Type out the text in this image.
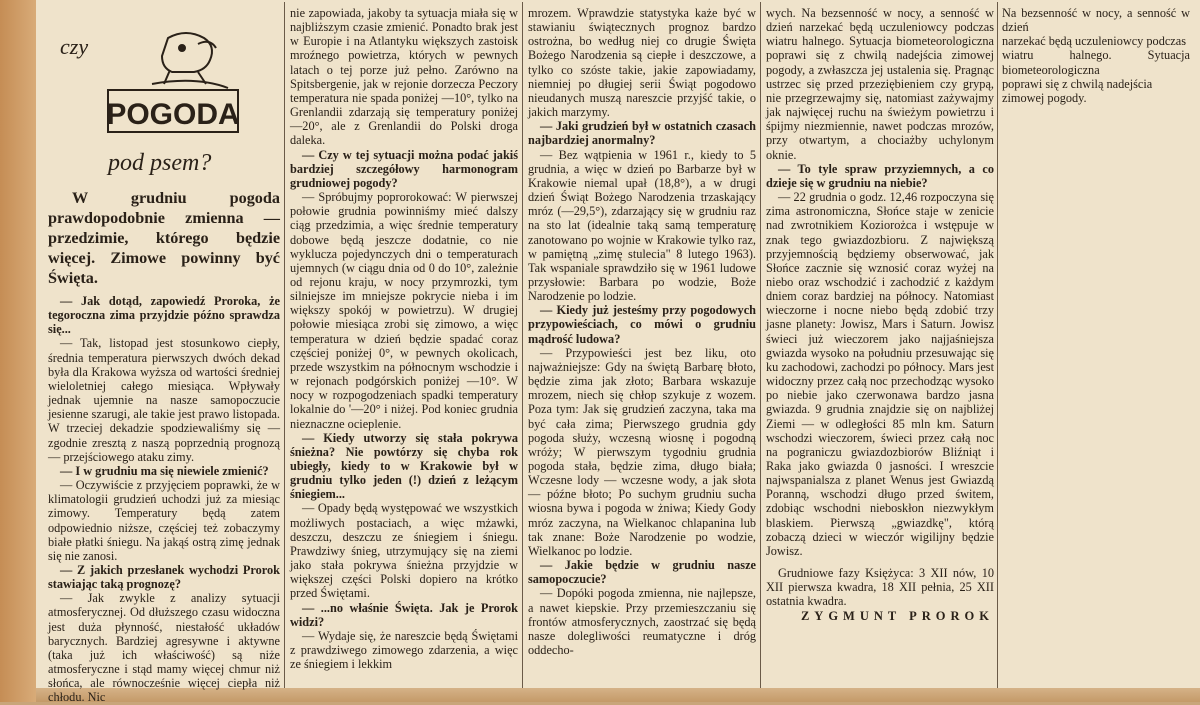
czy
POGODA
pod psem?

W grudniu pogoda prawdopodobnie zmienna — przedzimie, którego będzie więcej. Zimowe powinny być Święta.

— Jak dotąd, zapowiedź Proroka, że tegoroczna zima przyjdzie późno sprawdza się...

— Tak, listopad jest stosunkowo ciepły, średnia temperatura pierwszych dwóch dekad była dla Krakowa wyższa od wartości średniej wieloletniej całego miesiąca. Wpływały jednak ujemnie na nasze samopoczucie jesienne szarugi, ale takie jest prawo listopada. W trzeciej dekadzie spodziewaliśmy się — zgodnie zresztą z naszą poprzednią prognozą — przejściowego ataku zimy.

— I w grudniu ma się niewiele zmienić?

— Oczywiście z przyjęciem poprawki, że w klimatologii grudzień uchodzi już za miesiąc zimowy. Temperatury będą zatem odpowiednio niższe, częściej też zobaczymy białe płatki śniegu. Na jakąś ostrą zimę jednak się nie zanosi.

— Z jakich przesłanek wychodzi Prorok stawiając taką prognozę?

— Jak zwykle z analizy sytuacji atmosferycznej. Od dłuższego czasu widoczna jest duża płynność, niestałość układów barycznych. Bardziej agresywne i aktywne (taka już ich właściwość) są niże atmosferyczne i stąd mamy więcej chmur niż słońca, ale równocześnie więcej ciepła niż chłodu. Nic

nie zapowiada, jakoby ta sytuacja miała się w najbliższym czasie zmienić. Ponadto brak jest w Europie i na Atlantyku większych zastoisk mroźnego powietrza, których w pewnych latach o tej porze już pełno. Zarówno na Spitsbergenie, jak w rejonie dorzecza Peczory temperatura nie spada poniżej —10°, tylko na Grenlandii zdarzają się temperatury poniżej —20°, ale z Grenlandii do Polski droga daleka.

— Czy w tej sytuacji można podać jakiś bardziej szczegółowy harmonogram grudniowej pogody?

— Spróbujmy poprorokować: W pierwszej połowie grudnia powinniśmy mieć dalszy ciąg przedzimia, a więc średnie temperatury dobowe będą jeszcze dodatnie, co nie wyklucza pojedynczych dni o temperaturach ujemnych (w ciągu dnia od 0 do 10°, zależnie od rejonu kraju, w nocy przymrozki, tym silniejsze im mniejsze pokrycie nieba i im większy spokój w powietrzu). W drugiej połowie miesiąca zrobi się zimowo, a więc temperatura w dzień będzie spadać coraz częściej poniżej 0°, w pewnych okolicach, przede wszystkim na północnym wschodzie i w rejonach podgórskich poniżej —10°. W nocy w rozpogodzeniach spadki temperatury lokalnie do '—20° i niżej. Pod koniec grudnia nieznaczne ocieplenie.

— Kiedy utworzy się stała pokrywa śnieżna? Nie powtórzy się chyba rok ubiegły, kiedy to w Krakowie był w grudniu tylko jeden (!) dzień z leżącym śniegiem...

— Opady będą występować we wszystkich możliwych postaciach, a więc mżawki, deszczu, deszczu ze śniegiem i śniegu. Prawdziwy śnieg, utrzymujący się na ziemi jako stała pokrywa śnieżna przyjdzie w większej części Polski dopiero na krótko przed Świętami.

— ...no właśnie Święta. Jak je Prorok widzi?

— Wydaje się, że nareszcie będą Świętami z prawdziwego zimowego zdarzenia, a więc ze śniegiem i lekkim

mrozem. Wprawdzie statystyka każe być w stawianiu świątecznych prognoz bardzo ostrożna, bo według niej co drugie Święta Bożego Narodzenia są ciepłe i deszczowe, a tylko co szóste takie, jakie zapowiadamy, niemniej po długiej serii Świąt pogodowo nieudanych muszą nareszcie przyjść takie, o jakich marzymy.

— Jaki grudzień był w ostatnich czasach najbardziej anormalny?

— Bez wątpienia w 1961 r., kiedy to 5 grudnia, a więc w dzień po Barbarze był w Krakowie niemal upał (18,8°), a w drugi dzień Świąt Bożego Narodzenia trzaskający mróz (—29,5°), zdarzający się w grudniu raz na sto lat (idealnie taką samą temperaturę zanotowano po wojnie w Krakowie tylko raz, w pamiętną „zimę stulecia" 8 lutego 1963). Tak wspaniale sprawdziło się w 1961 ludowe przysłowie: Barbara po wodzie, Boże Narodzenie po lodzie.

— Kiedy już jesteśmy przy pogodowych przypowieściach, co mówi o grudniu mądrość ludowa?

— Przypowieści jest bez liku, oto najważniejsze: Gdy na świętą Barbarę błoto, będzie zima jak złoto; Barbara wskazuje mrozem, niech się chłop szykuje z wozem. Poza tym: Jak się grudzień zaczyna, taka ma być cała zima; Pierwszego grudnia gdy pogoda służy, wczesną wiosnę i pogodną wróży; W pierwszym tygodniu grudnia pogoda stała, będzie zima, długo biała; Wczesne lody — wczesne wody, a jak słota — późne błoto; Po suchym grudniu sucha wiosna bywa i pogoda w żniwa; Kiedy Gody mróz zaczyna, na Wielkanoc chlapanina lub tak znane: Boże Narodzenie po wodzie, Wielkanoc po lodzie.

— Jakie będzie w grudniu nasze samopoczucie?

— Dopóki pogoda zmienna, nie najlepsze, a nawet kiepskie. Przy przemieszczaniu się frontów atmosferycznych, zaostrzać się będą nasze dolegliwości reumatyczne i dróg oddecho-

wych. Na bezsenność w nocy, a senność w dzień narzekać będą uczuleniowcy podczas wiatru halnego. Sytuacja biometeorologiczna poprawi się z chwilą nadejścia zimowej pogody, a zwłaszcza jej ustalenia się. Pragnąc ustrzec się przed przeziębieniem czy grypą, nie przegrzewajmy się, natomiast zażywajmy jak najwięcej ruchu na świeżym powietrzu i śpijmy niezmiennie, nawet podczas mrozów, przy otwartym, a chociażby uchylonym oknie.

— To tyle spraw przyziemnych, a co dzieje się w grudniu na niebie?

— 22 grudnia o godz. 12,46 rozpoczyna się zima astronomiczna, Słońce staje w zenicie nad zwrotnikiem Koziorożca i wstępuje w znak tego gwiazdozbioru. Z największą przyjemnością będziemy obserwować, jak Słońce zacznie się wznosić coraz wyżej na niebo oraz wschodzić i zachodzić z każdym dniem coraz bardziej na północy. Natomiast wieczorne i nocne niebo będą zdobić trzy jasne planety: Jowisz, Mars i Saturn. Jowisz świeci już wieczorem jako najjaśniejsza gwiazda wysoko na południu przesuwając się ku zachodowi, zachodzi po północy. Mars jest widoczny przez całą noc przechodząc wysoko po niebie jako czerwonawa bardzo jasna gwiazda. 9 grudnia znajdzie się on najbliżej Ziemi — w odległości 85 mln km. Saturn wschodzi wieczorem, świeci przez całą noc na pograniczu gwiazdozbiorów Bliźniąt i Raka jako gwiazda 0 jasności. I wreszcie najwspanialsza z planet Wenus jest Gwiazdą Poranną, wschodzi długo przed świtem, zdobiąc wschodni nieboskłon niezwykłym blaskiem. Pierwszą „gwiazdkę", którą zobaczą dzieci w wieczór wigilijny będzie Jowisz.

Grudniowe fazy Księżyca: 3 XII nów, 10 XII pierwsza kwadra, 18 XII pełnia, 25 XII ostatnia kwadra.

ZYGMUNT PROROK

Na bezsenność w nocy, a senność w dzień

narzekać będą uczuleniowcy podczas

wiatru halnego. Sytuacja biometeorologiczna

poprawi się z chwilą nadejścia

zimowej pogody.
